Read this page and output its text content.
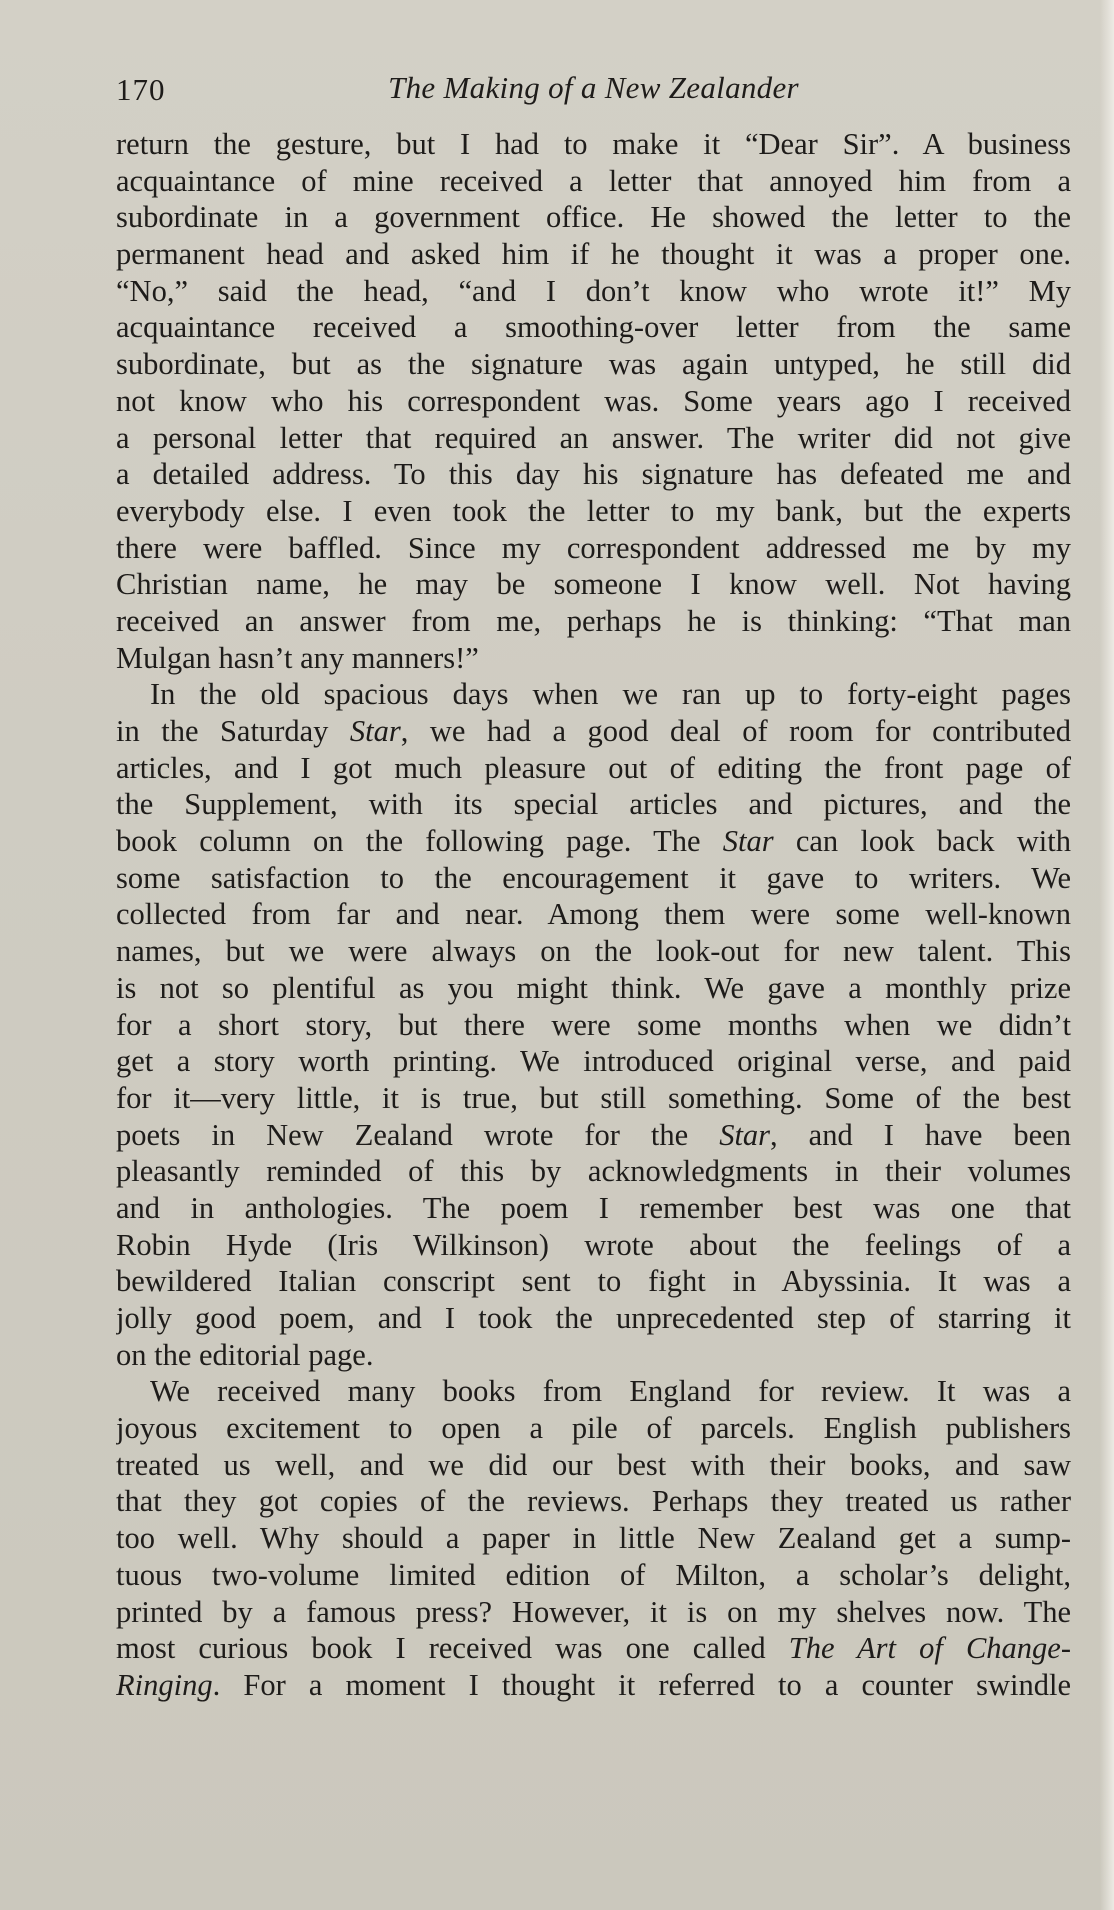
170	The Making of a New Zealander
return the gesture, but I had to make it “Dear Sir”. A business
acquaintance of mine received a letter that annoyed him from a
subordinate in a government office. He showed the letter to the
permanent head and asked him if he thought it was a proper one.
“No,” said the head, “and I don’t know who wrote it!” My
acquaintance received a smoothing-over letter from the same
subordinate, but as the signature was again untyped, he still did
not know who his correspondent was. Some years ago I received
a personal letter that required an answer. The writer did not give
a detailed address. To this day his signature has defeated me and
everybody else. I even took the letter to my bank, but the experts
there were baffled. Since my correspondent addressed me by my
Christian name, he may be someone I know well. Not having
received an answer from me, perhaps he is thinking: “That man
Mulgan hasn’t any manners!”
In the old spacious days when we ran up to forty-eight pages
in the Saturday Star, we had a good deal of room for contributed
articles, and I got much pleasure out of editing the front page of
the Supplement, with its special articles and pictures, and the
book column on the following page. The Star can look back with
some satisfaction to the encouragement it gave to writers. We
collected from far and near. Among them were some well-known
names, but we were always on the look-out for new talent. This
is not so plentiful as you might think. We gave a monthly prize
for a short story, but there were some months when we didn’t
get a story worth printing. We introduced original verse, and paid
for it—very little, it is true, but still something. Some of the best
poets in New Zealand wrote for the Star, and I have been
pleasantly reminded of this by acknowledgments in their volumes
and in anthologies. The poem I remember best was one that
Robin Hyde (Iris Wilkinson) wrote about the feelings of a
bewildered Italian conscript sent to fight in Abyssinia. It was a
jolly good poem, and I took the unprecedented step of starring it
on the editorial page.
We received many books from England for review. It was a
joyous excitement to open a pile of parcels. English publishers
treated us well, and we did our best with their books, and saw
that they got copies of the reviews. Perhaps they treated us rather
too well. Why should a paper in little New Zealand get a sump-
tuous two-volume limited edition of Milton, a scholar’s delight,
printed by a famous press? However, it is on my shelves now. The
most curious book I received was one called The Art of Change-
Ringing. For a moment I thought it referred to a counter swindle
